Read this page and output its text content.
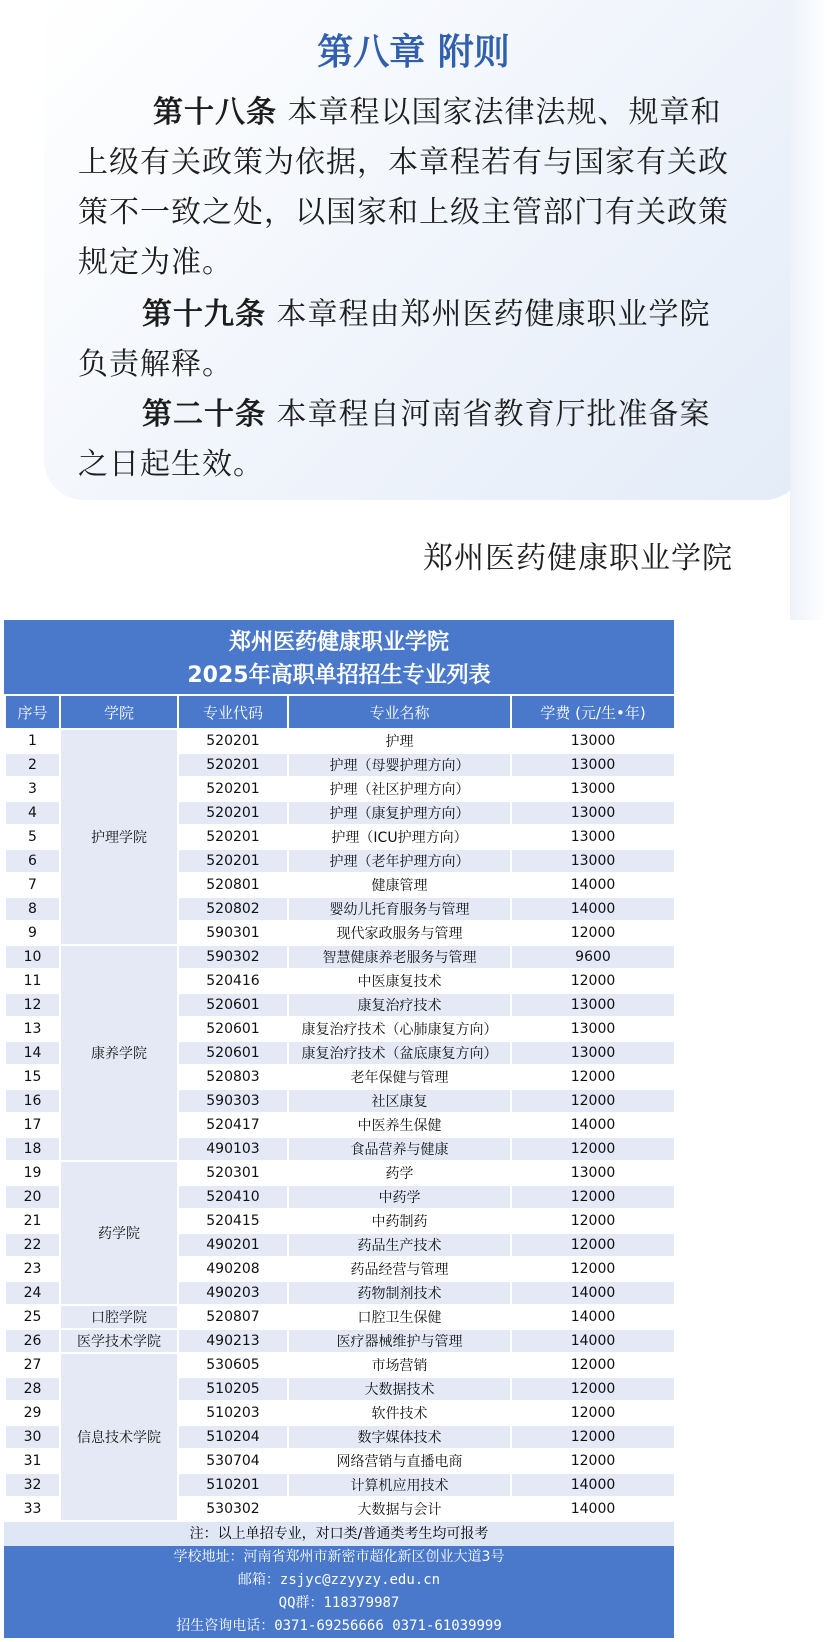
第八章 附则
第十八条 本章程以国家法律法规、规章和上级有关政策为依据，本章程若有与国家有关政策不一致之处，以国家和上级主管部门有关政策规定为准。
第十九条 本章程由郑州医药健康职业学院负责解释。
第二十条 本章程自河南省教育厅批准备案之日起生效。
郑州医药健康职业学院
郑州医药健康职业学院
2025年高职单招招生专业列表
序号	学院	专业代码	专业名称	学费 (元/生•年)
1	护理学院	520201	护理	13000
2		520201	护理（母婴护理方向）	13000
3		520201	护理（社区护理方向）	13000
4		520201	护理（康复护理方向）	13000
5		520201	护理（ICU护理方向）	13000
6		520201	护理（老年护理方向）	13000
7		520801	健康管理	14000
8		520802	婴幼儿托育服务与管理	14000
9		590301	现代家政服务与管理	12000
10	康养学院	590302	智慧健康养老服务与管理	9600
11		520416	中医康复技术	12000
12		520601	康复治疗技术	13000
13		520601	康复治疗技术（心肺康复方向）	13000
14		520601	康复治疗技术（盆底康复方向）	13000
15		520803	老年保健与管理	12000
16		590303	社区康复	12000
17		520417	中医养生保健	14000
18		490103	食品营养与健康	12000
19	药学院	520301	药学	13000
20		520410	中药学	12000
21		520415	中药制药	12000
22		490201	药品生产技术	12000
23		490208	药品经营与管理	12000
24		490203	药物制剂技术	14000
25	口腔学院	520807	口腔卫生保健	14000
26	医学技术学院	490213	医疗器械维护与管理	14000
27	信息技术学院	530605	市场营销	12000
28		510205	大数据技术	12000
29		510203	软件技术	12000
30		510204	数字媒体技术	12000
31		530704	网络营销与直播电商	12000
32		510201	计算机应用技术	14000
33		530302	大数据与会计	14000
注：以上单招专业，对口类/普通类考生均可报考
学校地址：河南省郑州市新密市超化新区创业大道3号
邮箱：zsjyc@zzyyzy.edu.cn
QQ群：118379987
招生咨询电话：0371-69256666 0371-61039999
